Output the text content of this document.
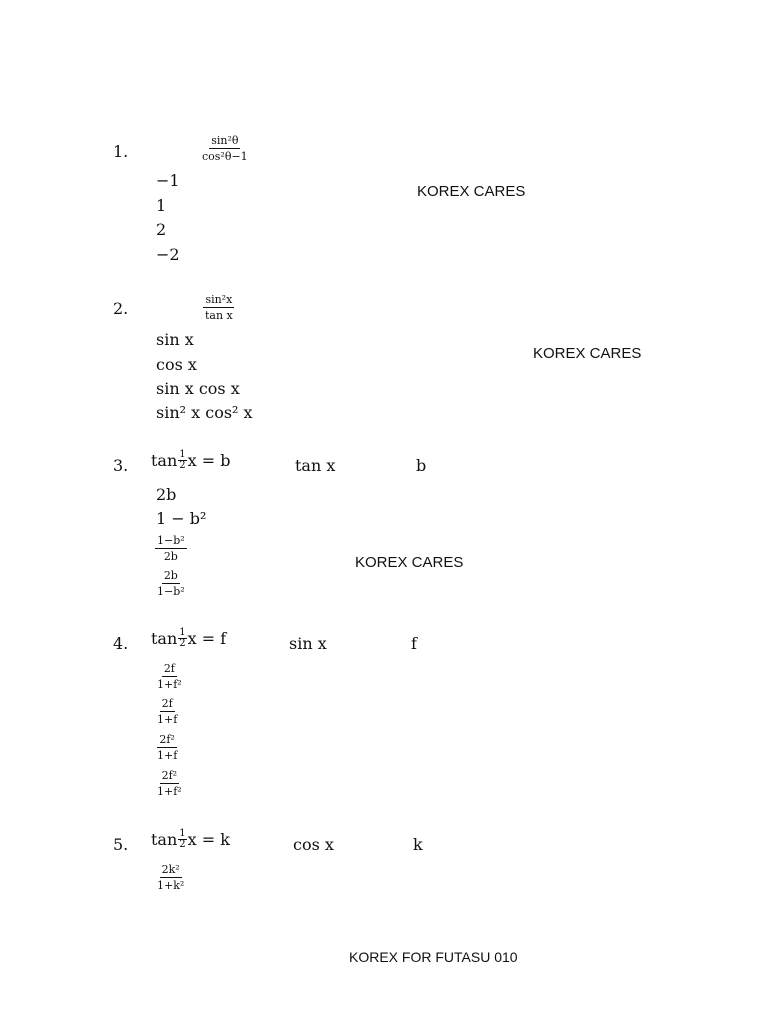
1.	$\frac{\text{sin²θ}}{\text{cos²θ−1}}$
−1
1
2
−2
KOREX CARES
2.	$\frac{\text{sin²x}}{\text{tan x}}$
sin x
cos x
sin x cos x
sin² x cos² x
KOREX CARES
3. $\tan \frac{1}{2}$ x = b	tan x	b
2b
1 − b²
$\frac{\text{1−b²}}{2b}$
$\frac{2b}{\text{1−b²}}$
KOREX CARES
4. $\tan \frac{1}{2}$ x = f	sin x	f
$\frac{2f}{\text{1+f²}}$
$\frac{2f}{1+f}$
$\frac{\text{2f²}}{1+f}$
$\frac{\text{2f²}}{\text{1+f²}}$
5. $\tan \frac{1}{2}$ x = k	cos x	k
$\frac{\text{2k²}}{\text{1+k²}}$
KOREX FOR FUTASU 010
